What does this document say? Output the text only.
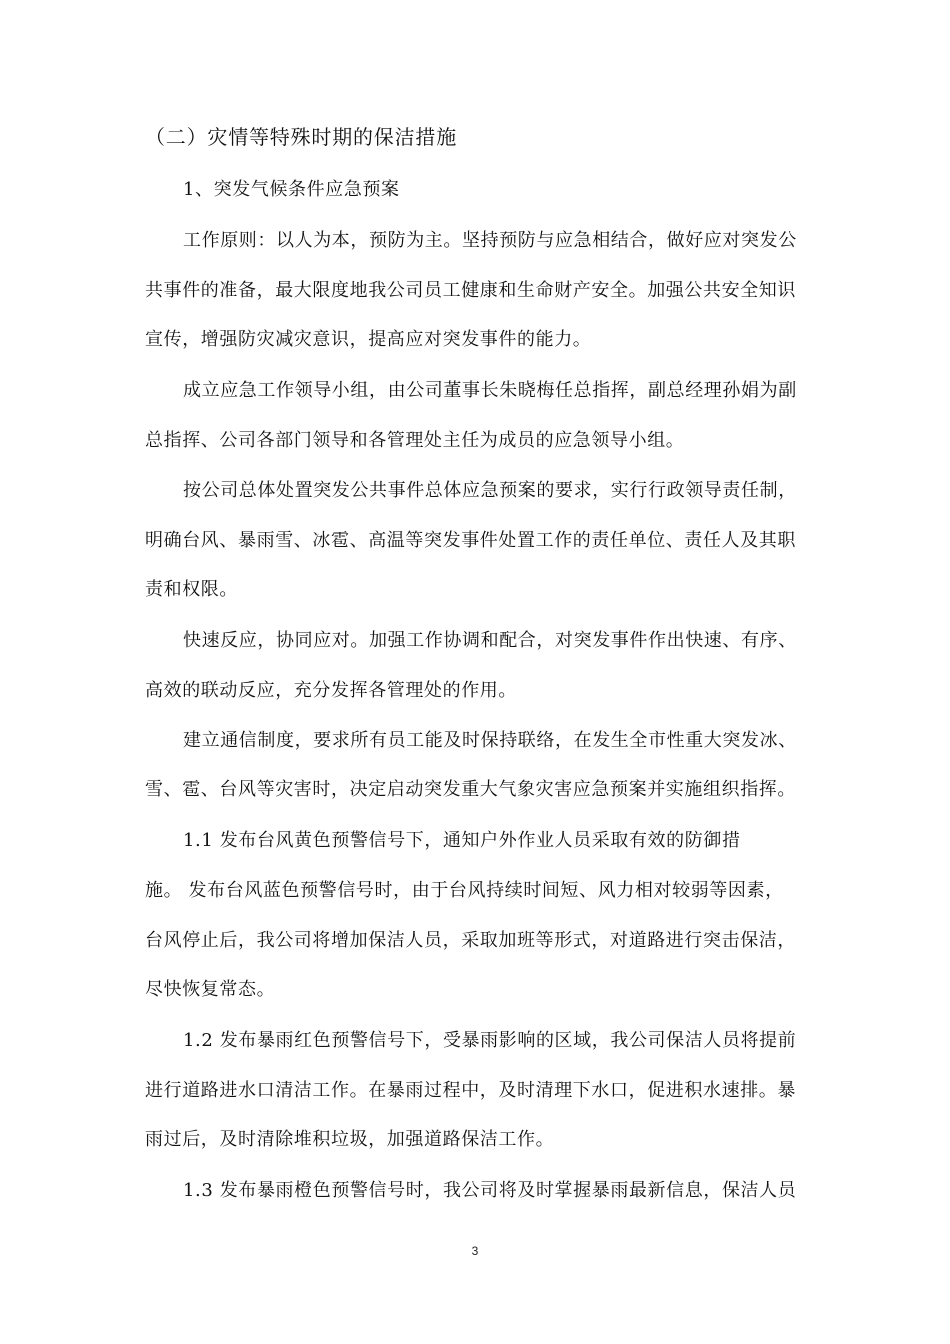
（二）灾情等特殊时期的保洁措施
1、突发气候条件应急预案
工作原则：以人为本，预防为主。坚持预防与应急相结合，做好应对突发公
共事件的准备，最大限度地我公司员工健康和生命财产安全。加强公共安全知识
宣传，增强防灾减灾意识，提高应对突发事件的能力。
成立应急工作领导小组，由公司董事长朱晓梅任总指挥，副总经理孙娟为副
总指挥、公司各部门领导和各管理处主任为成员的应急领导小组。
按公司总体处置突发公共事件总体应急预案的要求，实行行政领导责任制，
明确台风、暴雨雪、冰雹、高温等突发事件处置工作的责任单位、责任人及其职
责和权限。
快速反应，协同应对。加强工作协调和配合，对突发事件作出快速、有序、
高效的联动反应，充分发挥各管理处的作用。
建立通信制度，要求所有员工能及时保持联络，在发生全市性重大突发冰、
雪、雹、台风等灾害时，决定启动突发重大气象灾害应急预案并实施组织指挥。
1.1 发布台风黄色预警信号下，通知户外作业人员采取有效的防御措
施。 发布台风蓝色预警信号时，由于台风持续时间短、风力相对较弱等因素，
台风停止后，我公司将增加保洁人员，采取加班等形式，对道路进行突击保洁，
尽快恢复常态。
1.2 发布暴雨红色预警信号下，受暴雨影响的区域，我公司保洁人员将提前
进行道路进水口清洁工作。在暴雨过程中，及时清理下水口，促进积水速排。暴
雨过后，及时清除堆积垃圾，加强道路保洁工作。
1.3 发布暴雨橙色预警信号时，我公司将及时掌握暴雨最新信息，保洁人员
3
